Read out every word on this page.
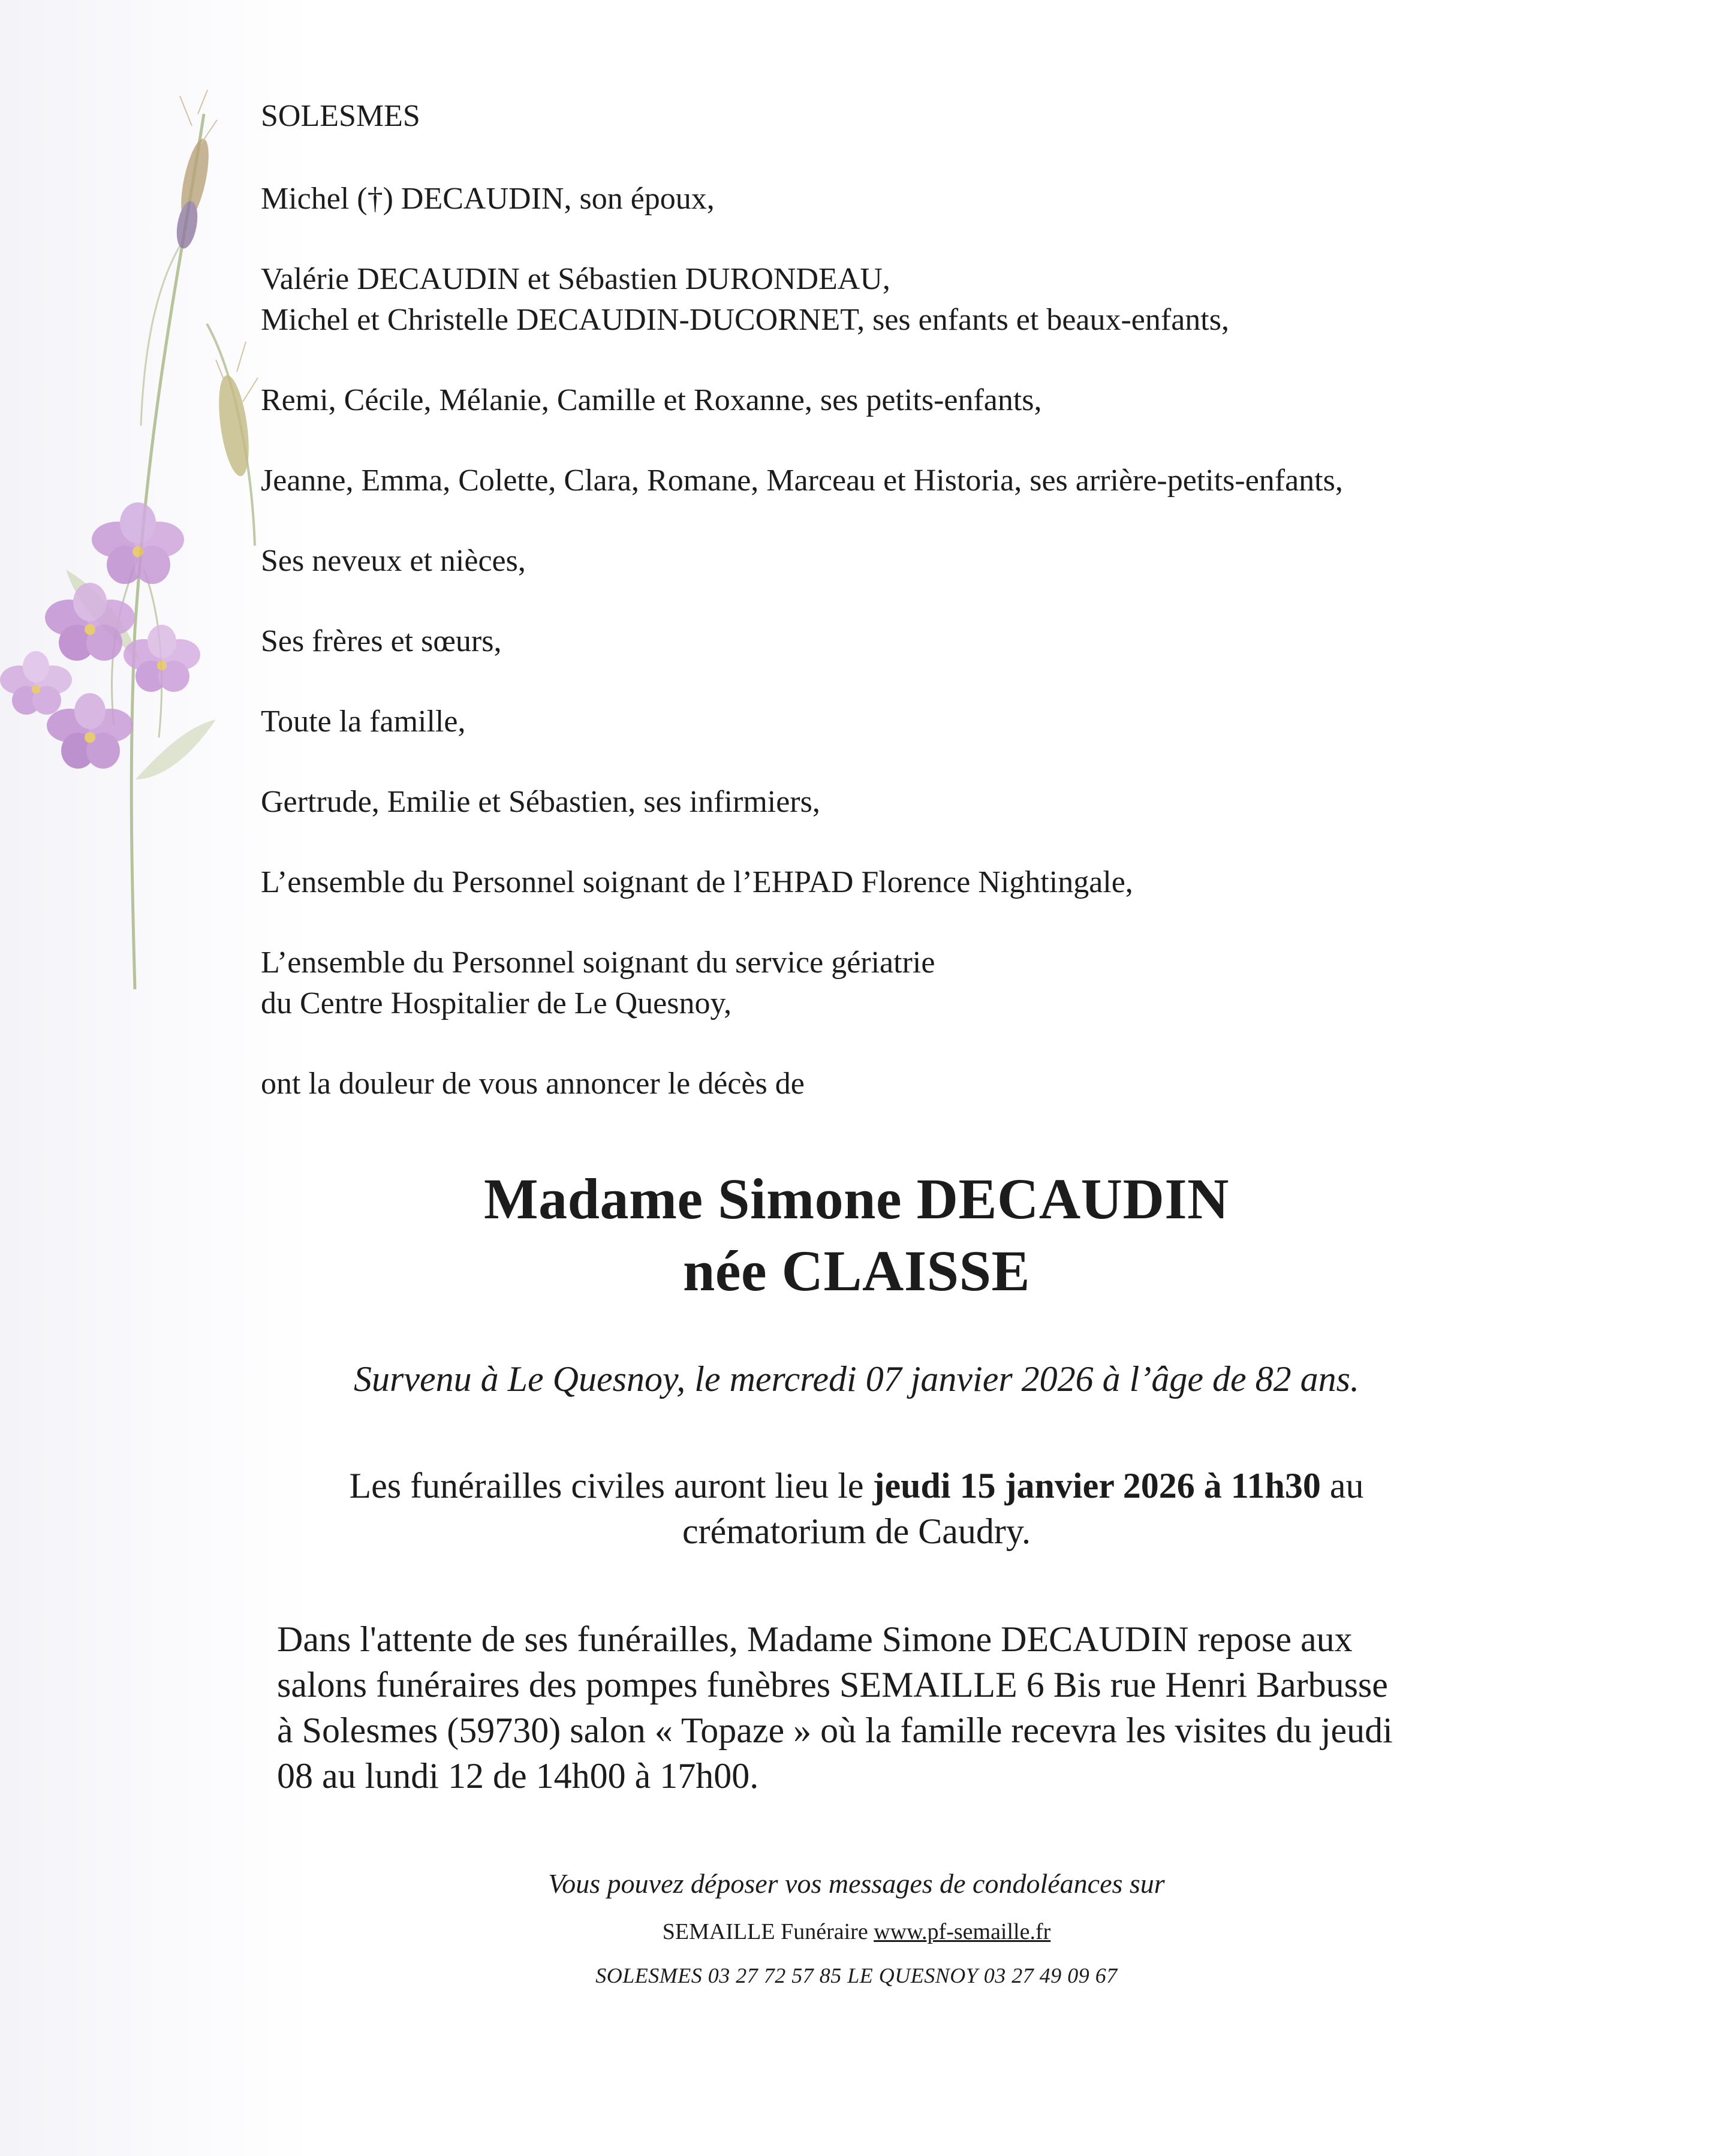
SOLESMES
Michel (†) DECAUDIN, son époux,
Valérie DECAUDIN et Sébastien DURONDEAU,
Michel et Christelle DECAUDIN-DUCORNET, ses enfants et beaux-enfants,
Remi, Cécile, Mélanie, Camille et Roxanne, ses petits-enfants,
Jeanne, Emma, Colette, Clara, Romane, Marceau et Historia, ses arrière-petits-enfants,
Ses neveux et nièces,
Ses frères et sœurs,
Toute la famille,
Gertrude, Emilie et Sébastien, ses infirmiers,
L’ensemble du Personnel soignant de l’EHPAD Florence Nightingale,
L’ensemble du Personnel soignant du service gériatrie
du Centre Hospitalier de Le Quesnoy,
ont la douleur de vous annoncer le décès de
Madame Simone DECAUDIN
née CLAISSE
Survenu à Le Quesnoy, le mercredi 07 janvier 2026 à l’âge de 82 ans.
Les funérailles civiles auront lieu le jeudi 15 janvier 2026 à 11h30 au
crématorium de Caudry.
Dans l'attente de ses funérailles, Madame Simone DECAUDIN repose aux
salons funéraires des pompes funèbres SEMAILLE 6 Bis rue Henri Barbusse
à Solesmes (59730) salon « Topaze » où la famille recevra les visites du jeudi
08 au lundi 12 de 14h00 à 17h00.
Vous pouvez déposer vos messages de condoléances sur
SEMAILLE Funéraire www.pf-semaille.fr
SOLESMES 03 27 72 57 85 LE QUESNOY 03 27 49 09 67
